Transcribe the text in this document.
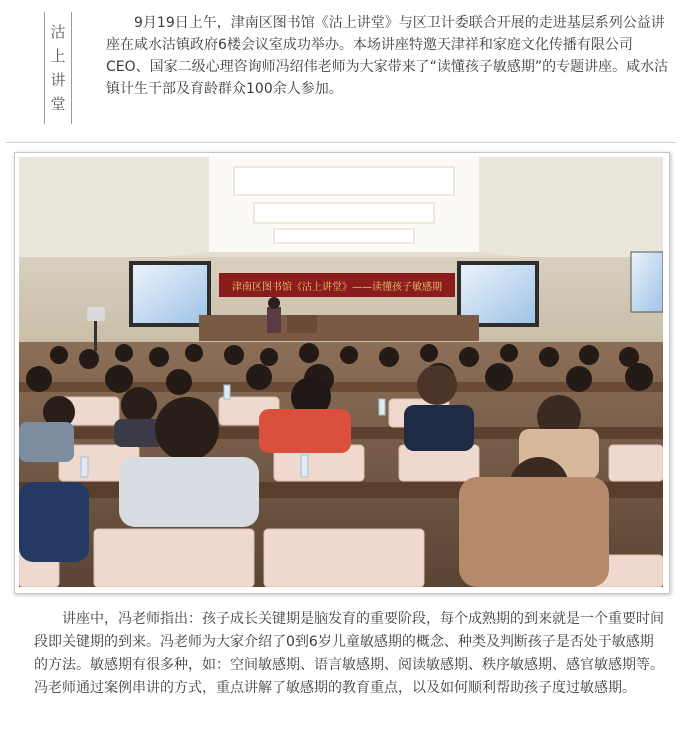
沽
上
讲
堂

9月19日上午，津南区图书馆《沽上讲堂》与区卫计委联合开展的走进基层系列公益讲座在咸水沽镇政府6楼会议室成功举办。本场讲座特邀天津祥和家庭文化传播有限公司CEO、国家二级心理咨询师冯绍伟老师为大家带来了“读懂孩子敏感期”的专题讲座。咸水沽镇计生干部及育龄群众100余人参加。

津南区图书馆《沽上讲堂》——读懂孩子敏感期

讲座中，冯老师指出：孩子成长关键期是脑发育的重要阶段，每个成熟期的到来就是一个重要时间段即关键期的到来。冯老师为大家介绍了0到6岁儿童敏感期的概念、种类及判断孩子是否处于敏感期的方法。敏感期有很多种，如：空间敏感期、语言敏感期、阅读敏感期、秩序敏感期、感官敏感期等。冯老师通过案例串讲的方式，重点讲解了敏感期的教育重点，以及如何顺利帮助孩子度过敏感期。
